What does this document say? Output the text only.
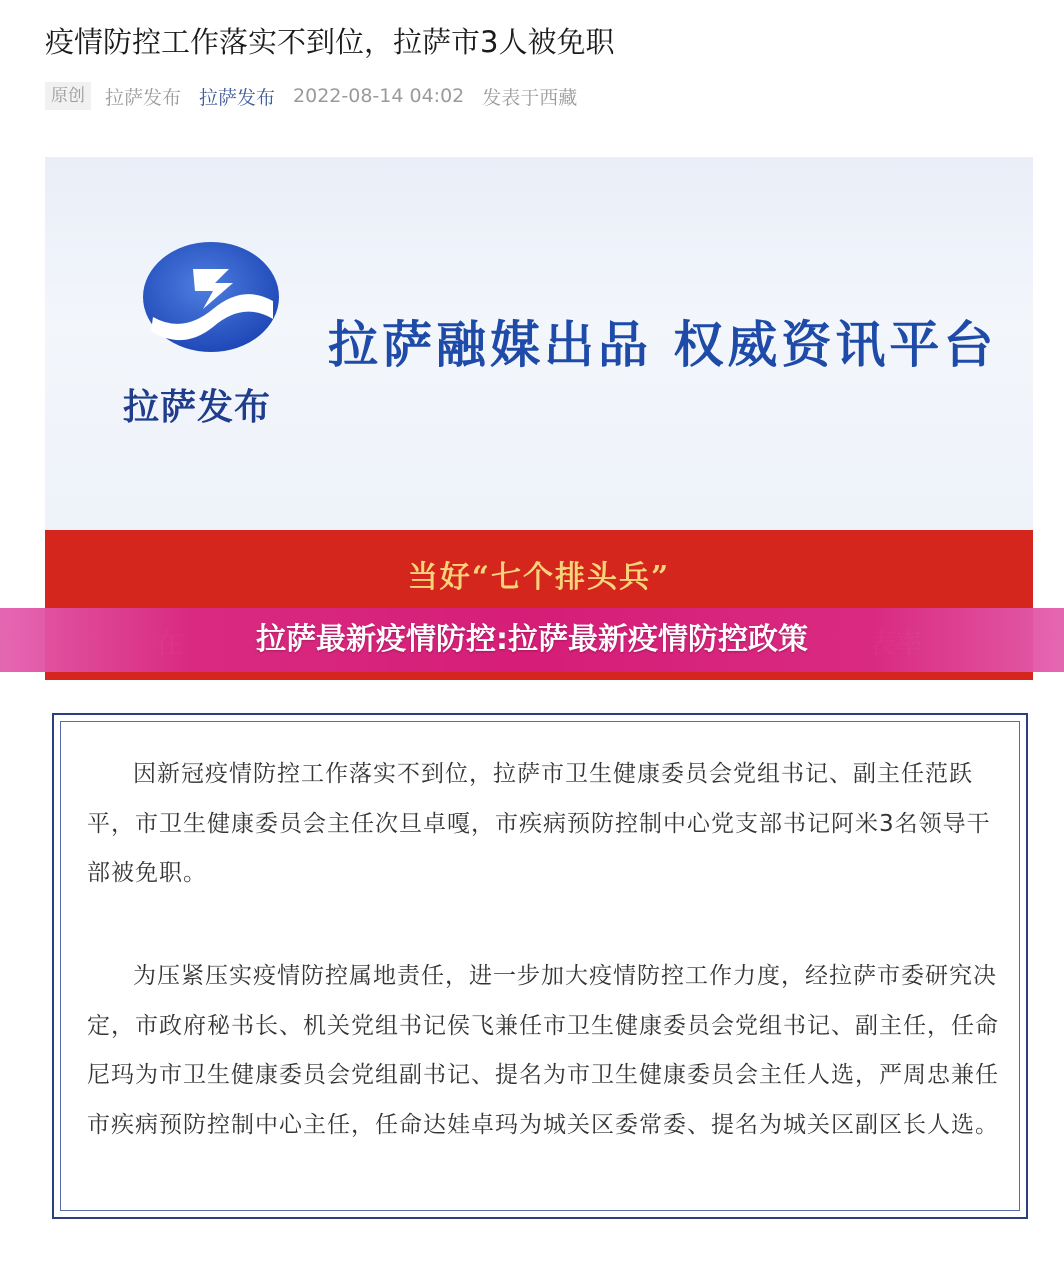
疫情防控工作落实不到位，拉萨市3人被免职
原创	拉萨发布 拉萨发布 2022-08-14 04:02 发表于西藏
拉萨发布
拉萨融媒出品 权威资讯平台
当好“七个排头兵”
拉萨最新疫情防控:拉萨最新疫情防控政策
因新冠疫情防控工作落实不到位，拉萨市卫生健康委员会党组书记、副主任范跃平，市卫生健康委员会主任次旦卓嘎，市疾病预防控制中心党支部书记阿米3名领导干部被免职。
为压紧压实疫情防控属地责任，进一步加大疫情防控工作力度，经拉萨市委研究决定，市政府秘书长、机关党组书记侯飞兼任市卫生健康委员会党组书记、副主任，任命尼玛为市卫生健康委员会党组副书记、提名为市卫生健康委员会主任人选，严周忠兼任市疾病预防控制中心主任，任命达娃卓玛为城关区委常委、提名为城关区副区长人选。
